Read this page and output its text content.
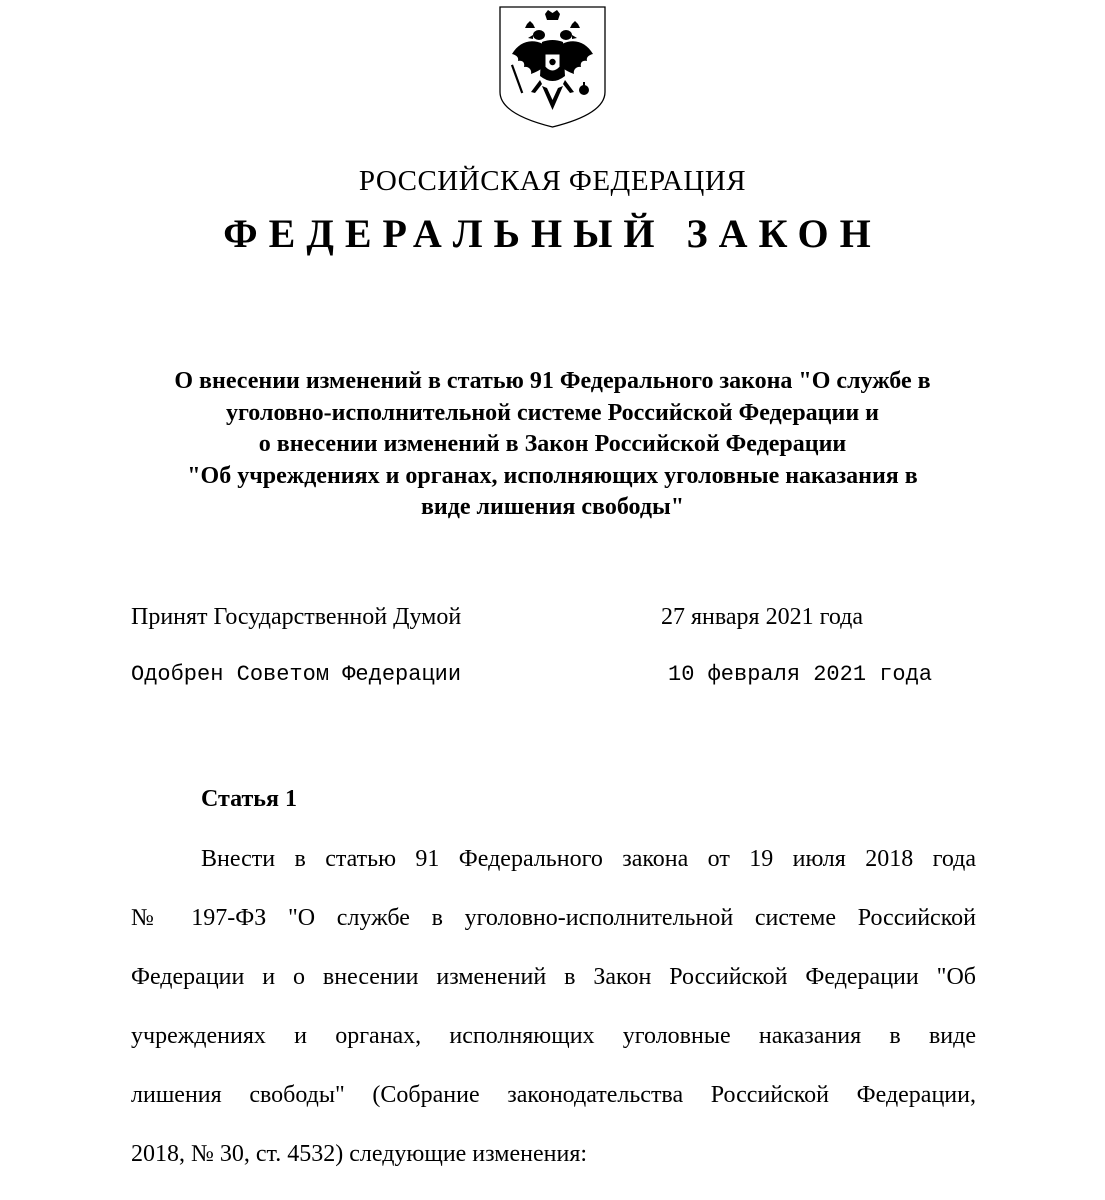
РОССИЙСКАЯ ФЕДЕРАЦИЯ
ФЕДЕРАЛЬНЫЙ ЗАКОН
О внесении изменений в статью 91 Федерального закона "О службе в
уголовно-исполнительной системе Российской Федерации и
о внесении изменений в Закон Российской Федерации
"Об учреждениях и органах, исполняющих уголовные наказания в
виде лишения свободы"
Принят Государственной Думой	27 января 2021 года
Одобрен Советом Федерации	10 февраля 2021 года
Статья 1
Внести в статью 91 Федерального закона от 19 июля 2018 года
№ 197-ФЗ "О службе в уголовно-исполнительной системе Российской
Федерации и о внесении изменений в Закон Российской Федерации "Об
учреждениях и органах, исполняющих уголовные наказания в виде
лишения свободы" (Собрание законодательства Российской Федерации,
2018, № 30, ст. 4532) следующие изменения:
